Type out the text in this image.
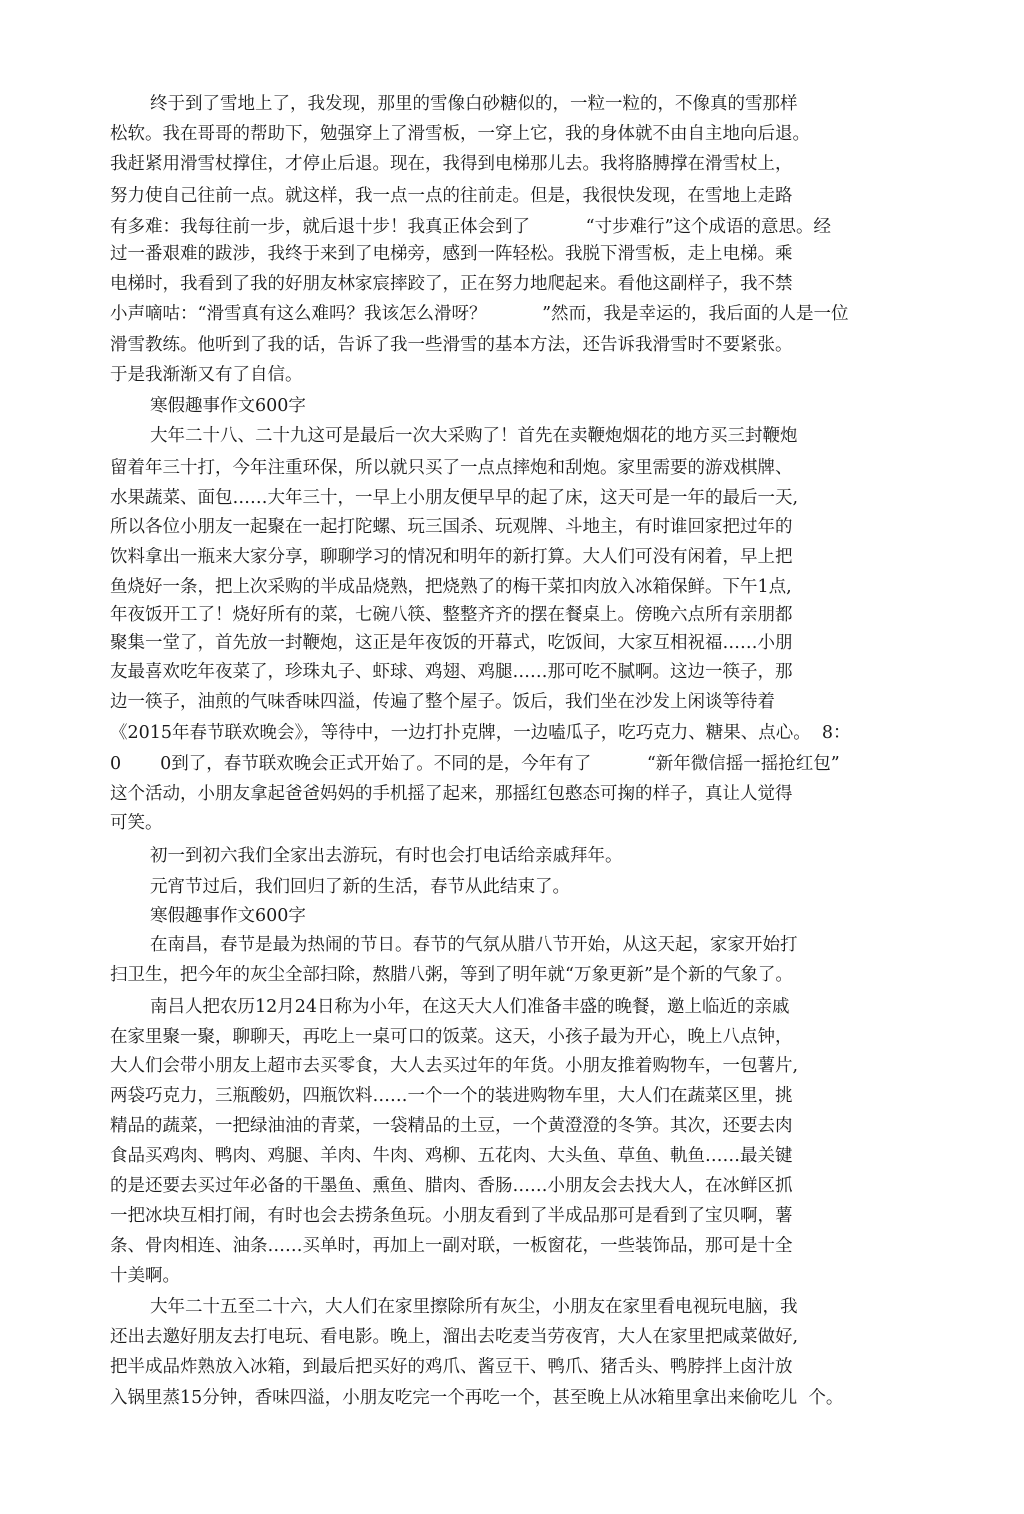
终于到了雪地上了，我发现，那里的雪像白砂糖似的，一粒一粒的，不像真的雪那样
松软。我在哥哥的帮助下，勉强穿上了滑雪板，一穿上它，我的身体就不由自主地向后退。
我赶紧用滑雪杖撑住，才停止后退。现在，我得到电梯那儿去。我将胳膊撑在滑雪杖上，
努力使自己往前一点。就这样，我一点一点的往前走。但是，我很快发现，在雪地上走路
有多难：我每往前一步，就后退十步！我真正体会到了          “寸步难行”这个成语的意思。经
过一番艰难的跋涉，我终于来到了电梯旁，感到一阵轻松。我脱下滑雪板，走上电梯。乘
电梯时，我看到了我的好朋友林家宸摔跤了，正在努力地爬起来。看他这副样子，我不禁
小声嘀咕：“滑雪真有这么难吗？我该怎么滑呀？          ”然而，我是幸运的，我后面的人是一位
滑雪教练。他听到了我的话，告诉了我一些滑雪的基本方法，还告诉我滑雪时不要紧张。
于是我渐渐又有了自信。
寒假趣事作文600字
大年二十八、二十九这可是最后一次大采购了！首先在卖鞭炮烟花的地方买三封鞭炮
留着年三十打，今年注重环保，所以就只买了一点点摔炮和刮炮。家里需要的游戏棋牌、
水果蔬菜、面包……大年三十，一早上小朋友便早早的起了床，这天可是一年的最后一天,
所以各位小朋友一起聚在一起打陀螺、玩三国杀、玩观牌、斗地主，有时谁回家把过年的
饮料拿出一瓶来大家分享，聊聊学习的情况和明年的新打算。大人们可没有闲着，早上把
鱼烧好一条，把上次采购的半成品烧熟，把烧熟了的梅干菜扣肉放入冰箱保鲜。下午1点,
年夜饭开工了！烧好所有的菜，七碗八筷、整整齐齐的摆在餐桌上。傍晚六点所有亲朋都
聚集一堂了，首先放一封鞭炮，这正是年夜饭的开幕式，吃饭间，大家互相祝福……小朋
友最喜欢吃年夜菜了，珍珠丸子、虾球、鸡翅、鸡腿……那可吃不腻啊。这边一筷子，那
边一筷子，油煎的气味香味四溢，传遍了整个屋子。饭后，我们坐在沙发上闲谈等待着
《2015年春节联欢晚会》，等待中，一边打扑克牌，一边嗑瓜子，吃巧克力、糖果、点心。  8：
0       0到了，春节联欢晚会正式开始了。不同的是，今年有了          “新年微信摇一摇抢红包”
这个活动，小朋友拿起爸爸妈妈的手机摇了起来，那摇红包憨态可掬的样子，真让人觉得
可笑。
初一到初六我们全家出去游玩，有时也会打电话给亲戚拜年。
元宵节过后，我们回归了新的生活，春节从此结束了。
寒假趣事作文600字
在南昌，春节是最为热闹的节日。春节的气氛从腊八节开始，从这天起，家家开始打
扫卫生，把今年的灰尘全部扫除，熬腊八粥，等到了明年就“万象更新”是个新的气象了。
南吕人把农历12月24日称为小年，在这天大人们准备丰盛的晚餐，邀上临近的亲戚
在家里聚一聚，聊聊天，再吃上一桌可口的饭菜。这天，小孩子最为开心，晚上八点钟，
大人们会带小朋友上超市去买零食，大人去买过年的年货。小朋友推着购物车，一包薯片,
两袋巧克力，三瓶酸奶，四瓶饮料……一个一个的装进购物车里，大人们在蔬菜区里，挑
精品的蔬菜，一把绿油油的青菜，一袋精品的土豆，一个黄澄澄的冬笋。其次，还要去肉
食品买鸡肉、鸭肉、鸡腿、羊肉、牛肉、鸡柳、五花肉、大头鱼、草鱼、軌鱼……最关键
的是还要去买过年必备的干墨鱼、熏鱼、腊肉、香肠……小朋友会去找大人，在冰鲜区抓
一把冰块互相打闹，有时也会去捞条鱼玩。小朋友看到了半成品那可是看到了宝贝啊，薯
条、骨肉相连、油条……买单时，再加上一副对联，一板窗花，一些装饰品，那可是十全
十美啊。
大年二十五至二十六，大人们在家里擦除所有灰尘，小朋友在家里看电视玩电脑，我
还出去邀好朋友去打电玩、看电影。晚上，溜出去吃麦当劳夜宵，大人在家里把咸菜做好,
把半成品炸熟放入冰箱，到最后把买好的鸡爪、酱豆干、鸭爪、猪舌头、鸭脖拌上卤汁放
入锅里蒸15分钟，香味四溢，小朋友吃完一个再吃一个，甚至晚上从冰箱里拿出来偷吃儿  个。
